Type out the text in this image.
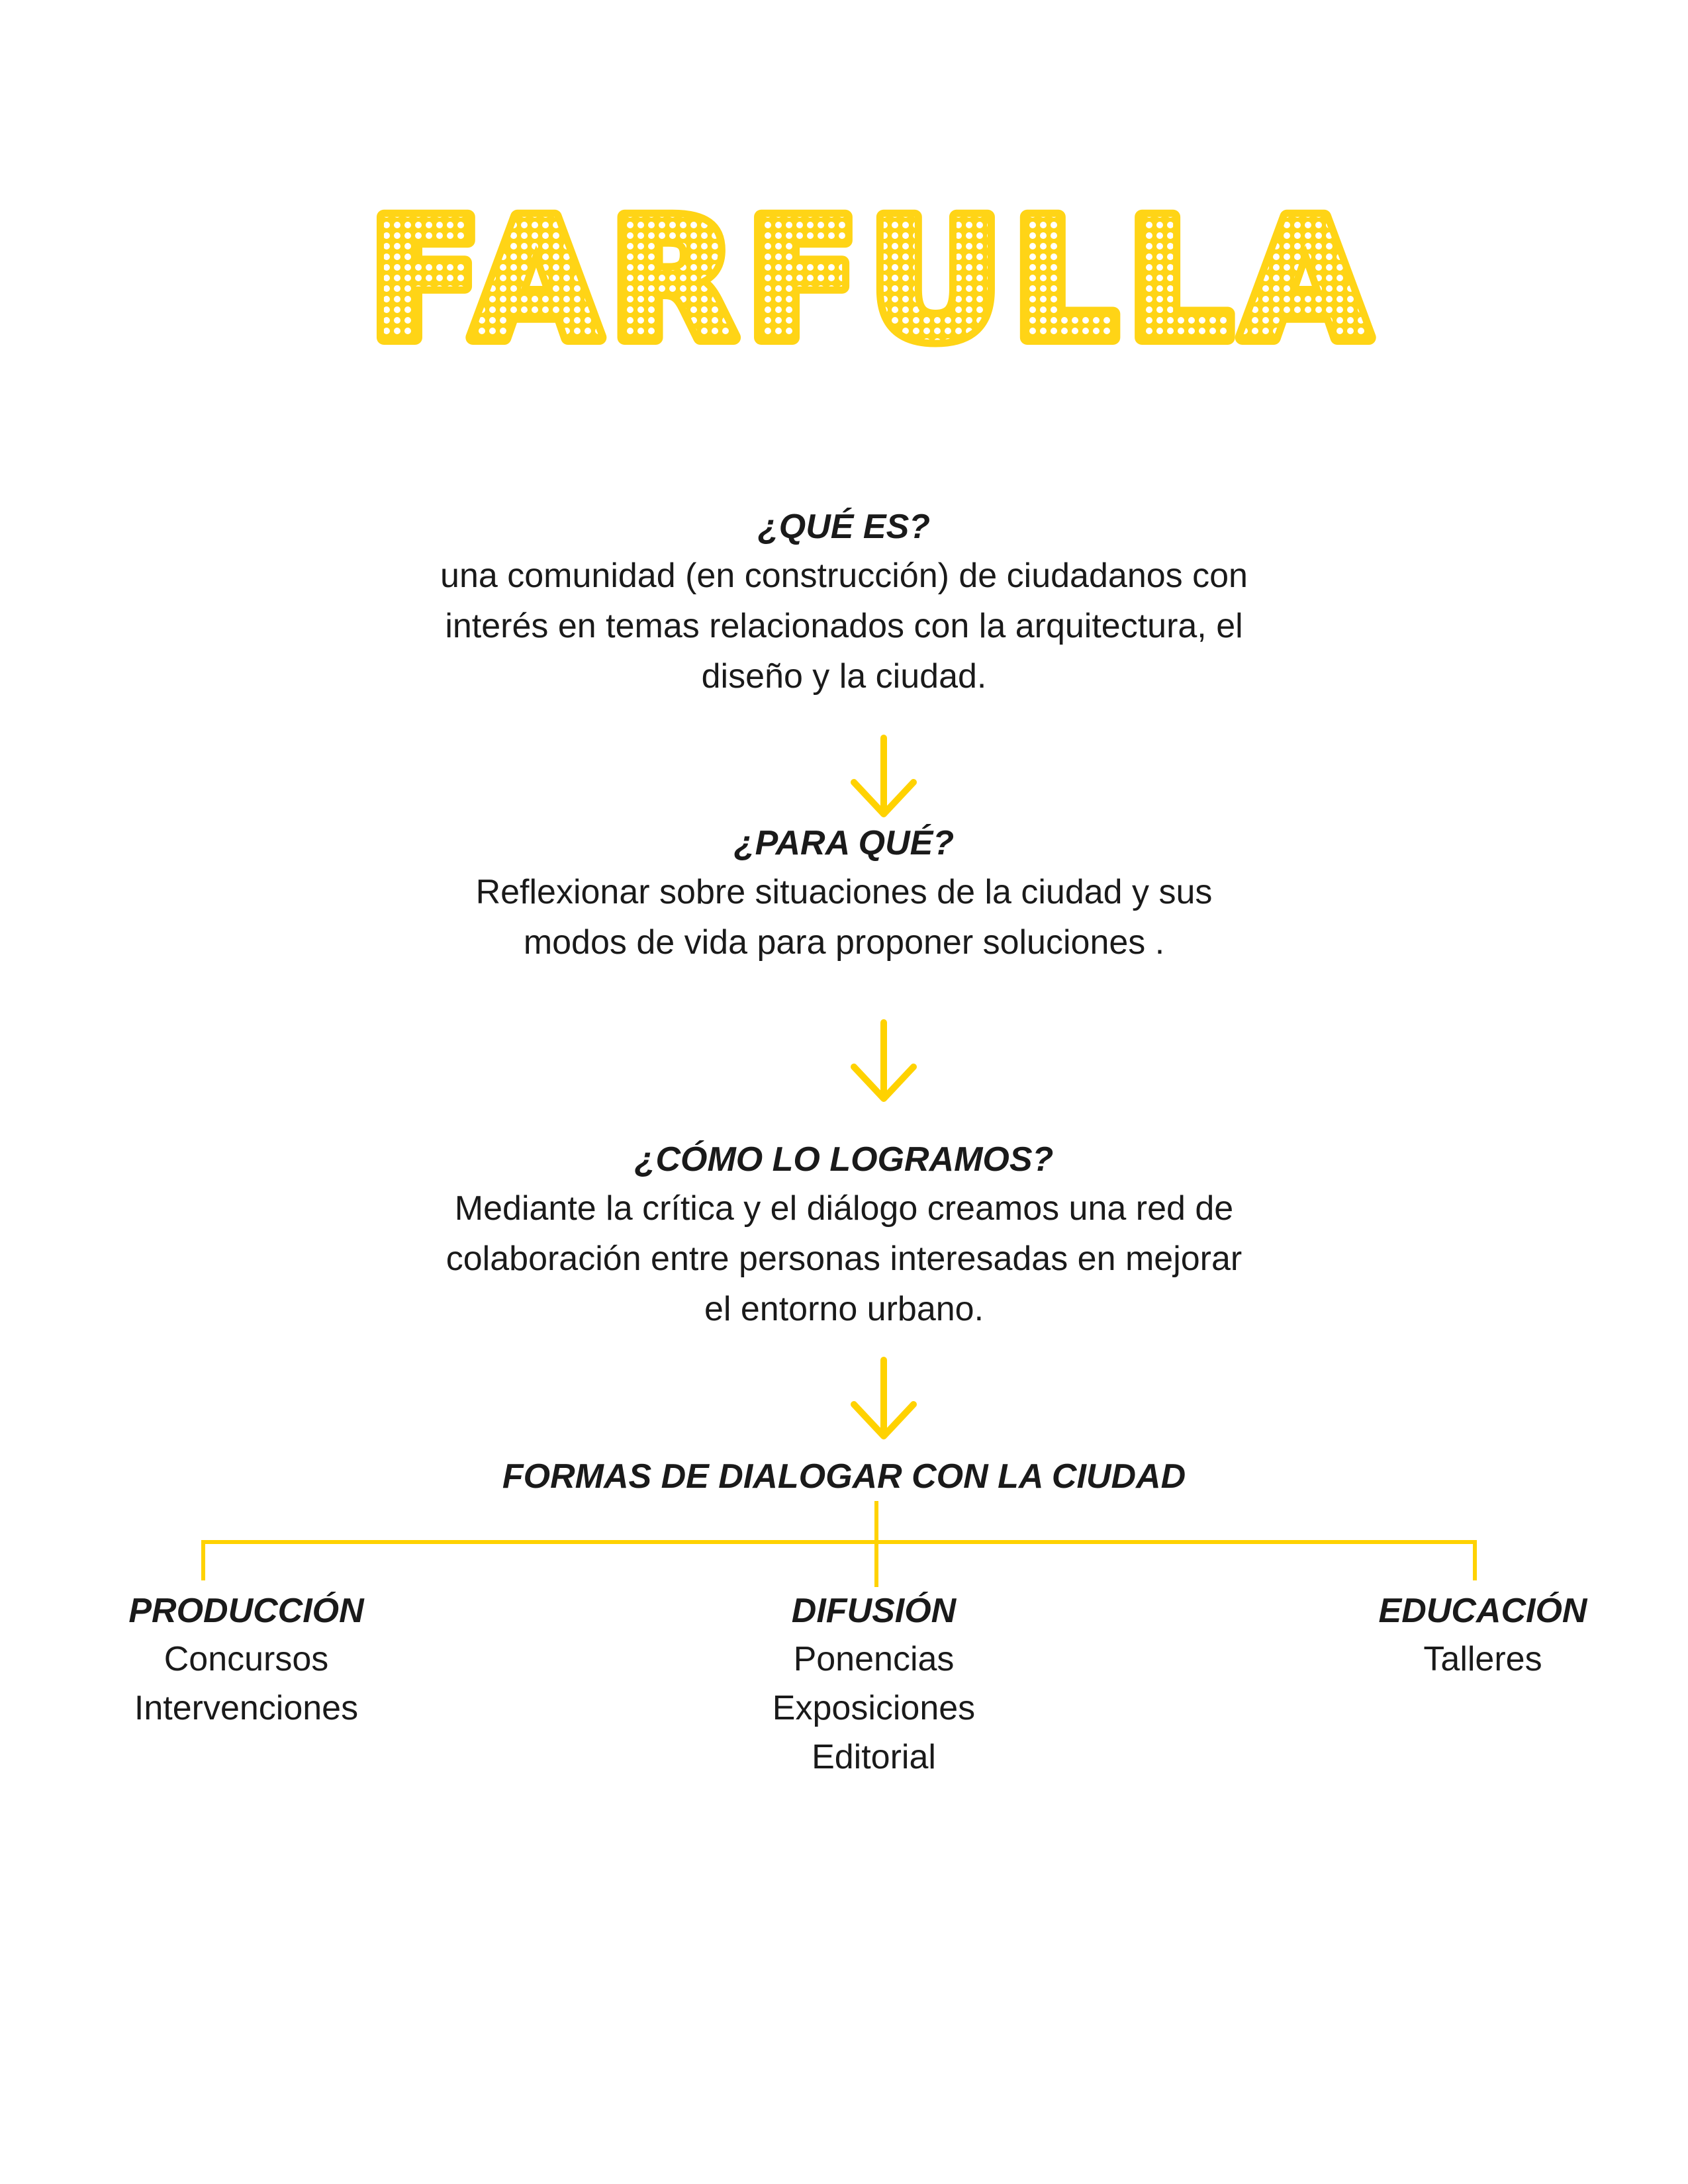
FARFULLA
¿QUÉ ES?
una comunidad (en construcción) de ciudadanos con
interés en temas relacionados con la arquitectura, el
diseño y la ciudad.
¿PARA QUÉ?
Reflexionar sobre situaciones de la ciudad y sus
modos de vida para proponer soluciones .
¿CÓMO LO LOGRAMOS?
Mediante la crítica y el diálogo creamos una red de
colaboración entre personas interesadas en mejorar
el entorno urbano.
FORMAS DE DIALOGAR CON LA CIUDAD
PRODUCCIÓN
Concursos
Intervenciones
DIFUSIÓN
Ponencias
Exposiciones
Editorial
EDUCACIÓN
Talleres
